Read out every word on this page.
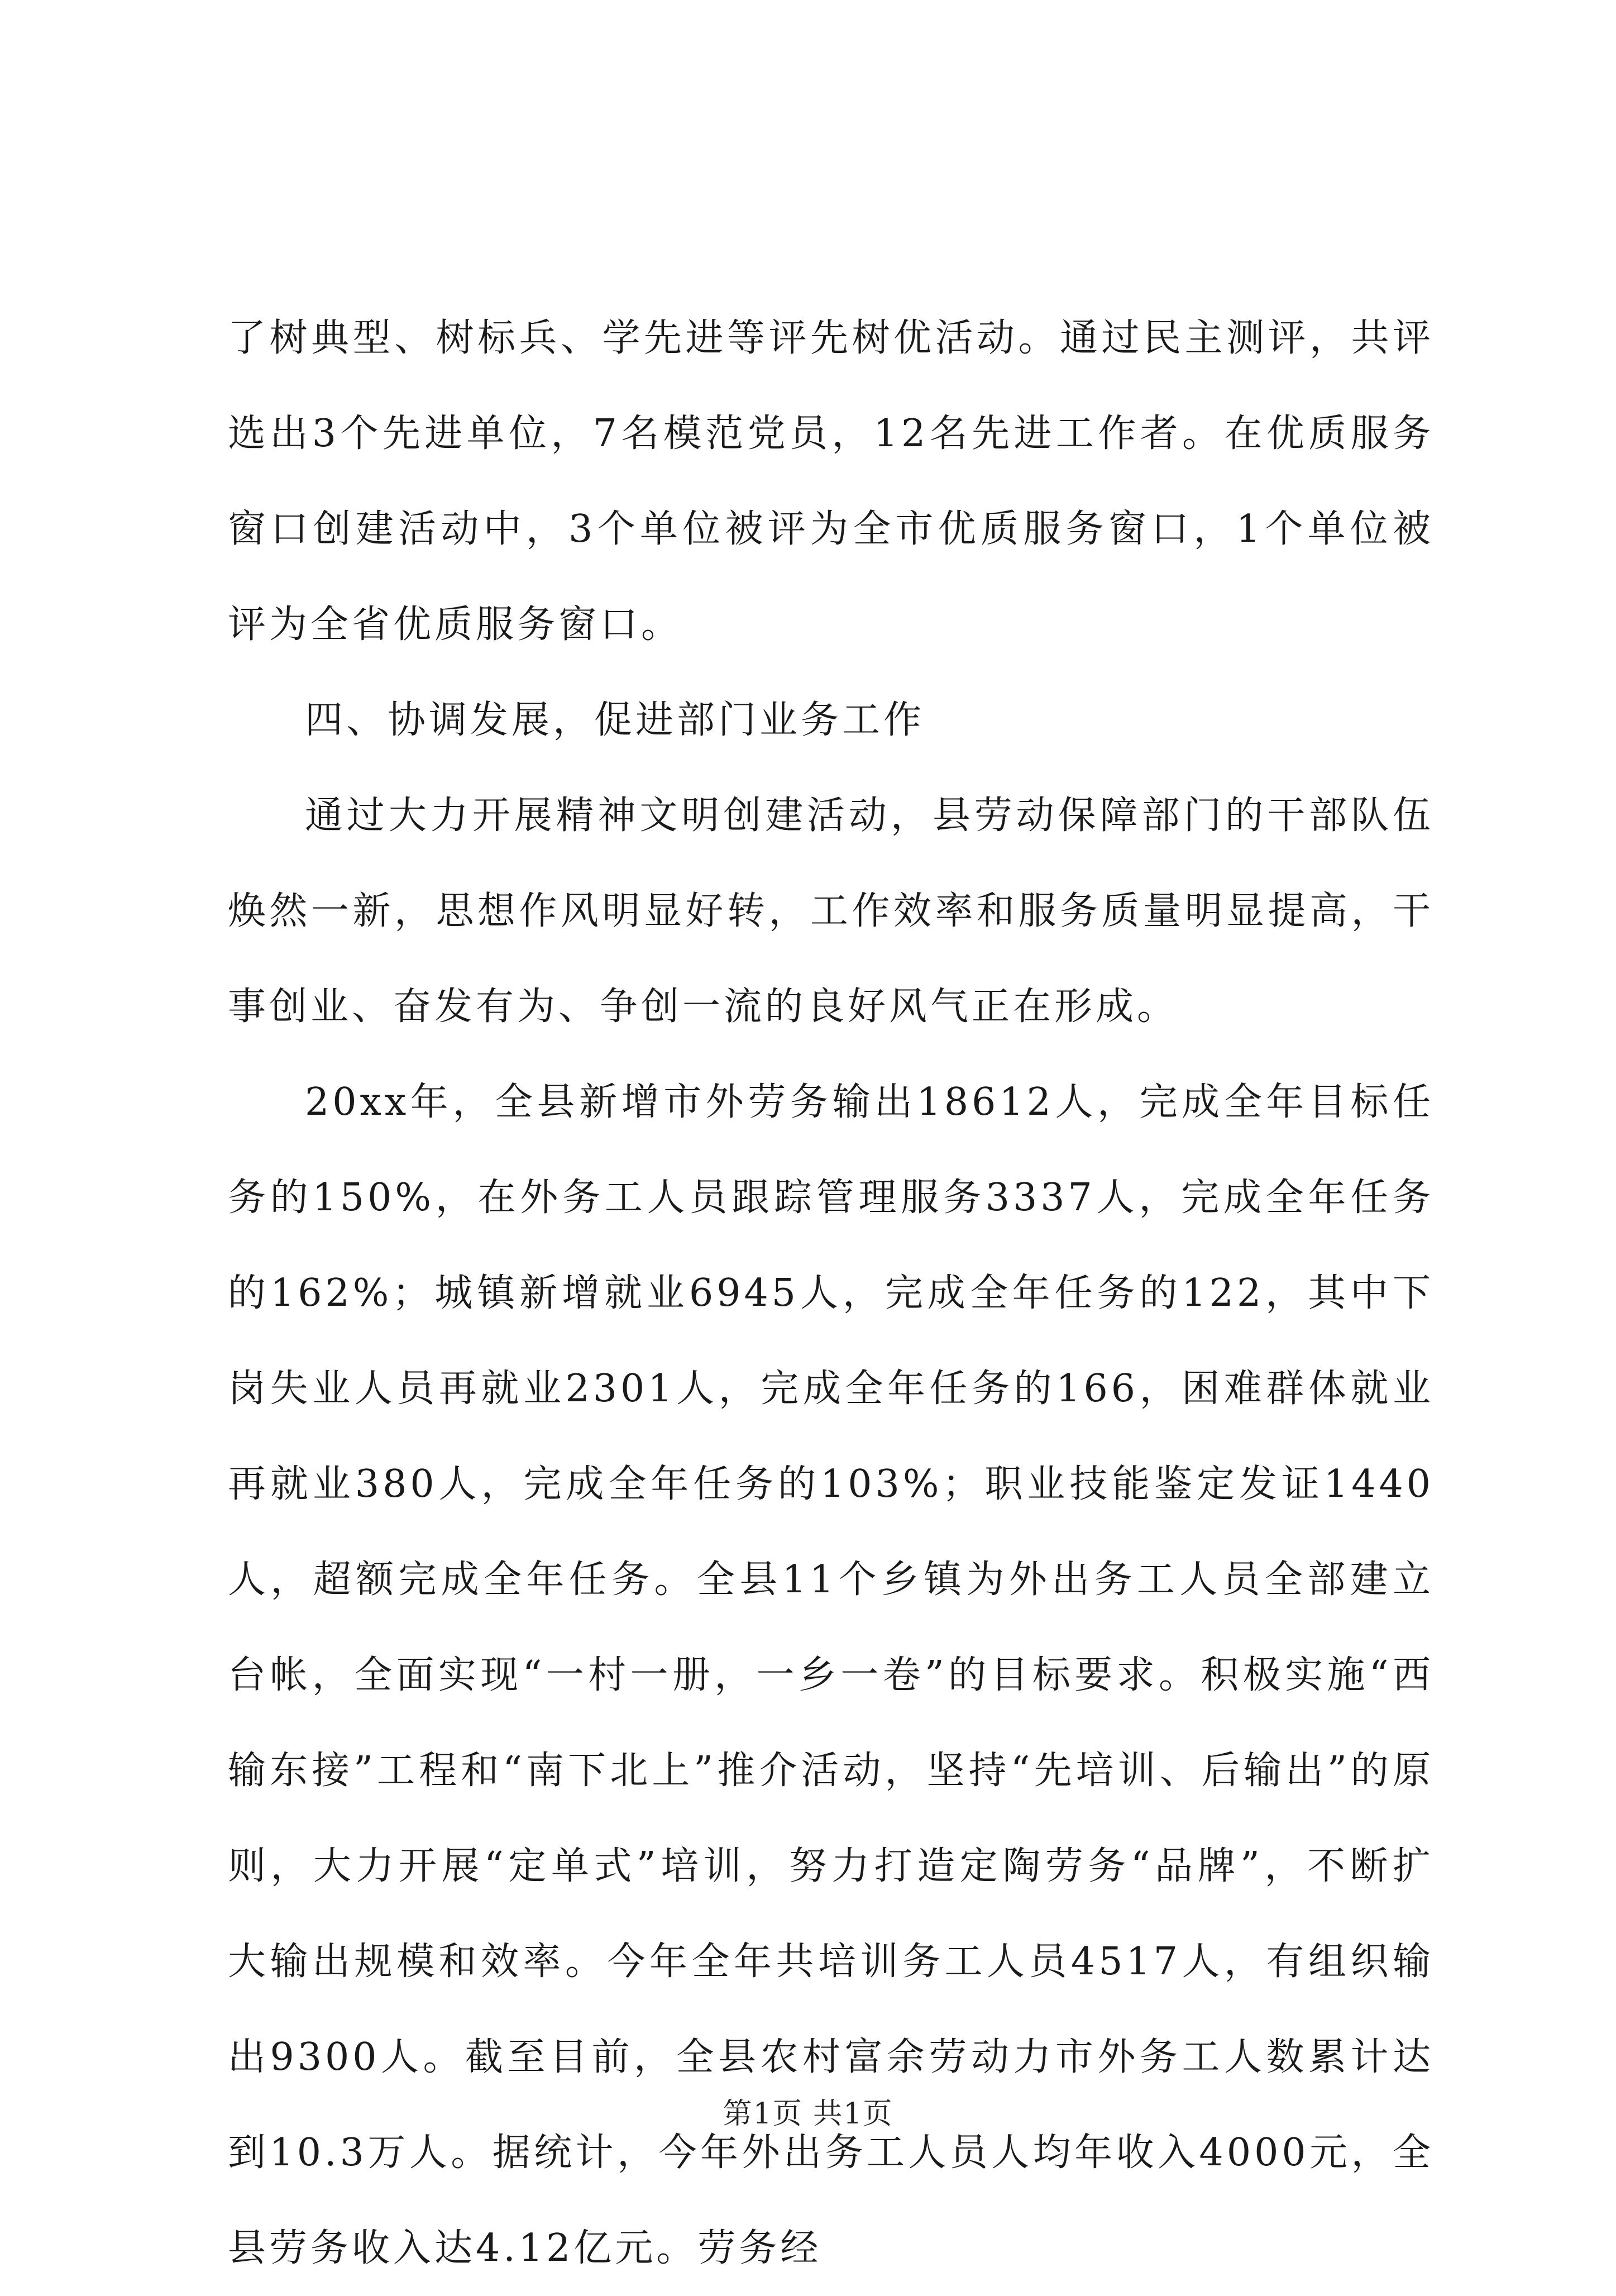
了树典型、树标兵、学先进等评先树优活动。通过民主测评，共评选出3个先进单位，7名模范党员，12名先进工作者。在优质服务窗口创建活动中，3个单位被评为全市优质服务窗口，1个单位被评为全省优质服务窗口。

四、协调发展，促进部门业务工作

通过大力开展精神文明创建活动，县劳动保障部门的干部队伍焕然一新，思想作风明显好转，工作效率和服务质量明显提高，干事创业、奋发有为、争创一流的良好风气正在形成。

20xx年，全县新增市外劳务输出18612人，完成全年目标任务的150%，在外务工人员跟踪管理服务3337人，完成全年任务的162%；城镇新增就业6945人，完成全年任务的122，其中下岗失业人员再就业2301人，完成全年任务的166，困难群体就业再就业380人，完成全年任务的103%；职业技能鉴定发证1440人，超额完成全年任务。全县11个乡镇为外出务工人员全部建立台帐，全面实现“一村一册，一乡一卷”的目标要求。积极实施“西输东接”工程和“南下北上”推介活动，坚持“先培训、后输出”的原则，大力开展“定单式”培训，努力打造定陶劳务“品牌”，不断扩大输出规模和效率。今年全年共培训务工人员4517人，有组织输出9300人。截至目前，全县农村富余劳动力市外务工人数累计达到10.3万人。据统计，今年外出务工人员人均年收入4000元，全县劳务收入达4.12亿元。劳务经

第1页 共1页
